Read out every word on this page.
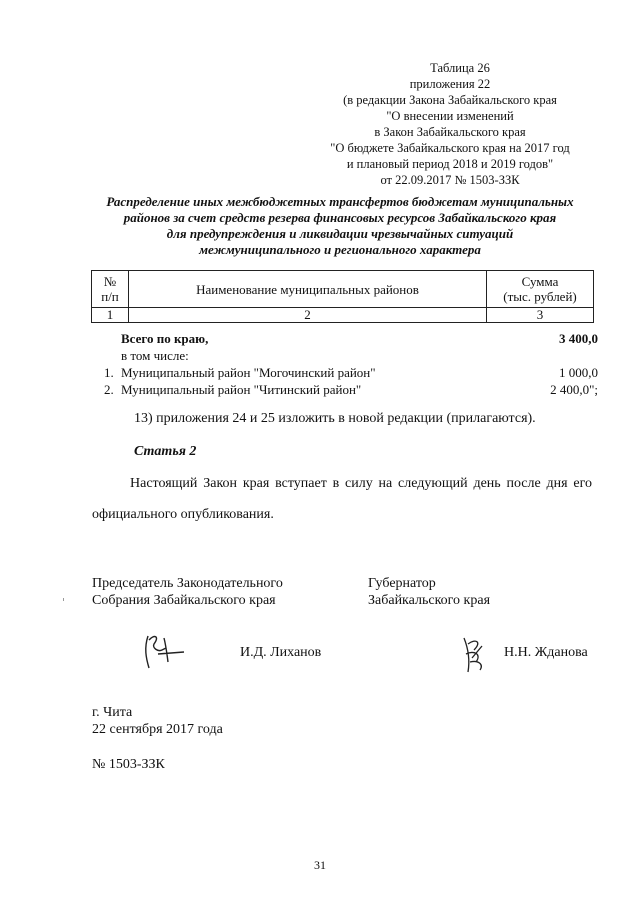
Таблица 26
приложения 22
(в редакции Закона Забайкальского края
"О внесении изменений
в Закон Забайкальского края
"О бюджете Забайкальского края на 2017 год
и плановый период 2018 и 2019 годов"
от 22.09.2017 № 1503-ЗЗК
Распределение иных межбюджетных трансфертов бюджетам муниципальных
районов за счет средств резерва финансовых ресурсов Забайкальского края
для предупреждения и ликвидации чрезвычайных ситуаций
межмуниципального и регионального характера
№
п/п	Наименование муниципальных районов	Сумма
(тыс. рублей)
1	2	3
Всего по краю,	3 400,0
в том числе:
1. Муниципальный район "Могочинский район"	1 000,0
2. Муниципальный район "Читинский район"	2 400,0";
13) приложения 24 и 25 изложить в новой редакции (прилагаются).
Статья 2
Настоящий Закон края вступает в силу на следующий день после дня его официального опубликования.
Председатель Законодательного
Собрания Забайкальского края
Губернатор
Забайкальского края
И.Д. Лиханов	Н.Н. Жданова
г. Чита
22 сентября 2017 года
№ 1503-ЗЗК
31
